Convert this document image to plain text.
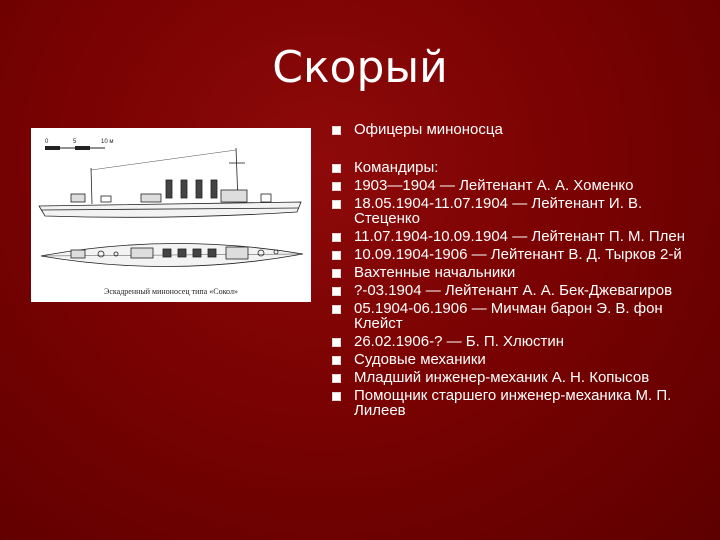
Скорый
0	5	10 м
Эскадренный миноносец типа «Сокол»
Офицеры миноносца
Командиры:
1903—1904 — Лейтенант А. А. Хоменко
18.05.1904-11.07.1904 — Лейтенант И. В. Стеценко
11.07.1904-10.09.1904 — Лейтенант П. М. Плен
10.09.1904-1906 — Лейтенант В. Д. Тырков 2-й
Вахтенные начальники
?-03.1904 — Лейтенант А. А. Бек-Джевагиров
05.1904-06.1906 — Мичман барон Э. В. фон Клейст
26.02.1906-? — Б. П. Хлюстин
Судовые механики
Младший инженер-механик А. Н. Копысов
Помощник старшего инженер-механика М. П. Лилеев
